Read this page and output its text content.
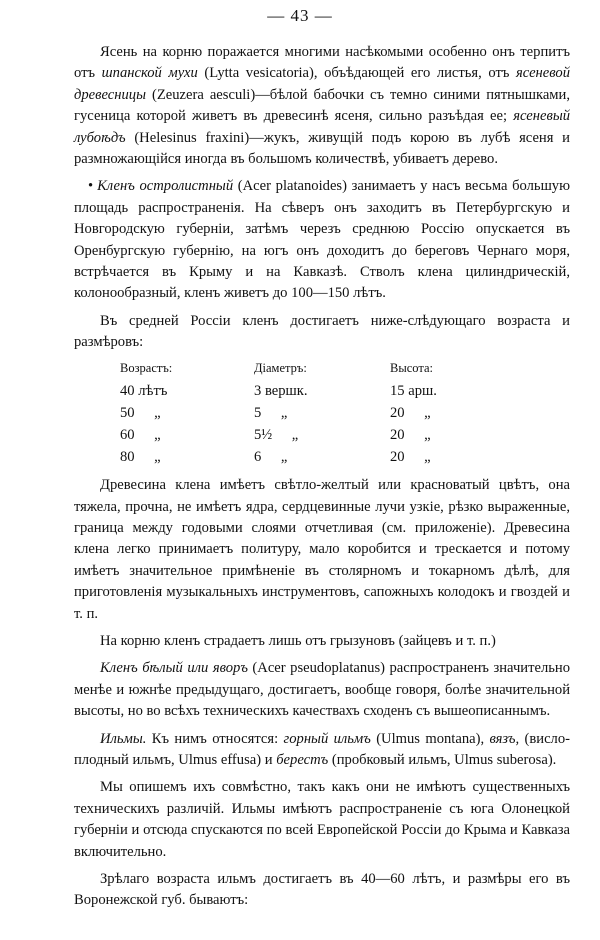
— 43 —

Ясень на корню поражается многими насѣкомыми особенно онъ терпитъ отъ шпанской мухи (Lytta vesicatoria), объѣдающей его листья, отъ ясеневой древесницы (Zeuzera aesculi)—бѣлой бабочки съ темно синими пятнышками, гусеница которой живетъ въ древесинѣ ясеня, сильно разъѣдая ее; ясеневый лубоѣдъ (Helesinus fraxini)—жукъ, живущій подъ корою въ лубѣ ясеня и размножающійся иногда въ большомъ количествѣ, убиваетъ дерево.

• Кленъ остролистный (Acer platanoides) занимаетъ у насъ весьма большую площадь распространенія. На сѣверъ онъ заходитъ въ Петербургскую и Новгородскую губерніи, затѣмъ черезъ среднюю Россію опускается въ Оренбургскую губернію, на югъ онъ доходитъ до береговъ Чернаго моря, встрѣчается въ Крыму и на Кавказѣ. Стволъ клена цилиндрическій, колонообразный, кленъ живетъ до 100—150 лѣтъ.

Въ средней Россіи кленъ достигаетъ ниже-слѣдующаго возраста и размѣровъ:

Возрастъ:	Діаметръ:	Высота:
40 лѣтъ	3 вершк.	15 арш.
50 „	5 „	20 „
60 „	5½ „	20 „
80 „	6 „	20 „

Древесина клена имѣетъ свѣтло-желтый или красноватый цвѣтъ, она тяжела, прочна, не имѣетъ ядра, сердцевинные лучи узкіе, рѣзко выраженные, граница между годовыми слоями отчетливая (см. приложеніе). Древесина клена легко принимаетъ политуру, мало коробится и трескается и потому имѣетъ значительное примѣненіе въ столярномъ и токарномъ дѣлѣ, для приготовленія музыкальныхъ инструментовъ, сапожныхъ колодокъ и гвоздей и т. п.

На корню кленъ страдаетъ лишь отъ грызуновъ (зайцевъ и т. п.)

Кленъ бѣлый или яворъ (Acer pseudoplatanus) распространенъ значительно менѣе и южнѣе предыдущаго, достигаетъ, вообще говоря, болѣе значительной высоты, но во всѣхъ техническихъ качествахъ сходенъ съ вышеописаннымъ.

Ильмы. Къ нимъ относятся: горный ильмъ (Ulmus montana), вязъ, (висло-плодный ильмъ, Ulmus effusa) и берестъ (пробковый ильмъ, Ulmus suberosa).

Мы опишемъ ихъ совмѣстно, такъ какъ они не имѣютъ существенныхъ техническихъ различій. Ильмы имѣютъ распространеніе съ юга Олонецкой губерніи и отсюда спускаются по всей Европейской Россіи до Крыма и Кавказа включительно.

Зрѣлаго возраста ильмъ достигаетъ въ 40—60 лѣтъ, и размѣры его въ Воронежской губ. бываютъ:
